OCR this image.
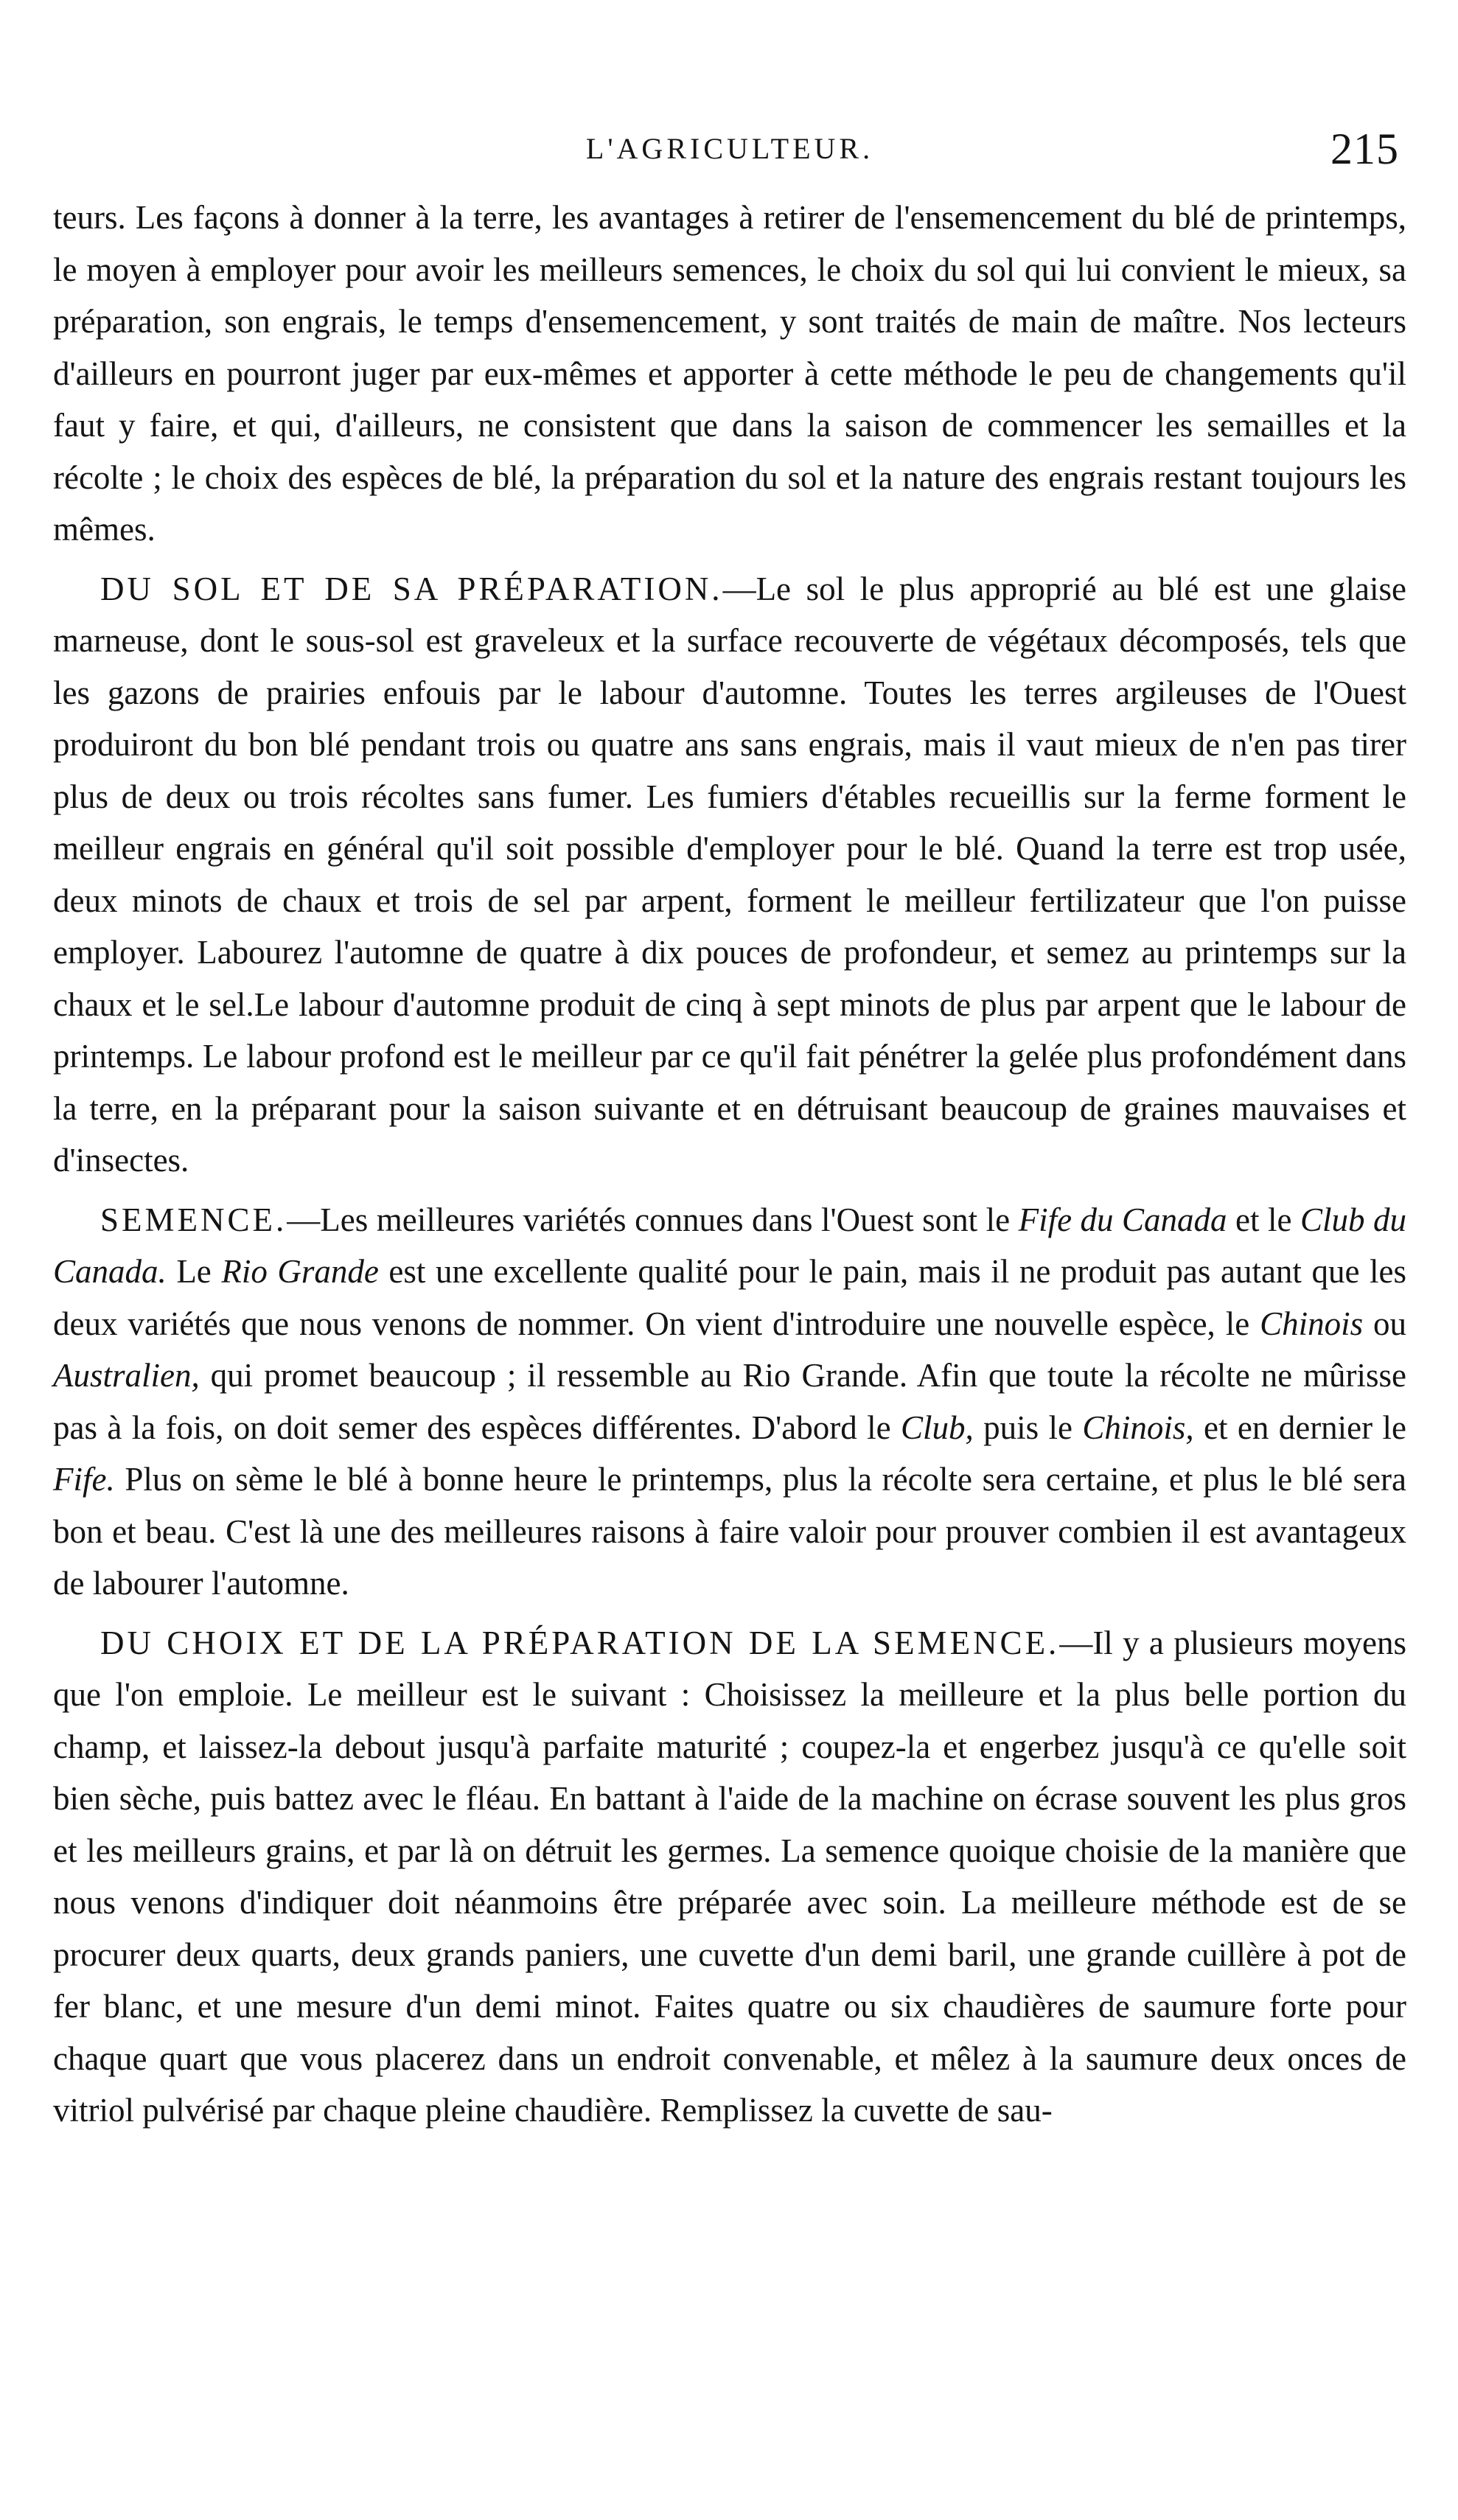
L'AGRICULTEUR.	215

teurs. Les façons à donner à la terre, les avantages à retirer de l'ensemencement du blé de printemps, le moyen à employer pour avoir les meilleurs semences, le choix du sol qui lui convient le mieux, sa préparation, son engrais, le temps d'ensemencement, y sont traités de main de maître. Nos lecteurs d'ailleurs en pourront juger par eux-mêmes et apporter à cette méthode le peu de changements qu'il faut y faire, et qui, d'ailleurs, ne consistent que dans la saison de commencer les semailles et la récolte ; le choix des espèces de blé, la préparation du sol et la nature des engrais restant toujours les mêmes.

DU SOL ET DE SA PRÉPARATION.—Le sol le plus approprié au blé est une glaise marneuse, dont le sous-sol est graveleux et la surface recouverte de végétaux décomposés, tels que les gazons de prairies enfouis par le labour d'automne. Toutes les terres argileuses de l'Ouest produiront du bon blé pendant trois ou quatre ans sans engrais, mais il vaut mieux de n'en pas tirer plus de deux ou trois récoltes sans fumer. Les fumiers d'étables recueillis sur la ferme forment le meilleur engrais en général qu'il soit possible d'employer pour le blé. Quand la terre est trop usée, deux minots de chaux et trois de sel par arpent, forment le meilleur fertilizateur que l'on puisse employer. Labourez l'automne de quatre à dix pouces de profondeur, et semez au printemps sur la chaux et le sel.Le labour d'automne produit de cinq à sept minots de plus par arpent que le labour de printemps. Le labour profond est le meilleur par ce qu'il fait pénétrer la gelée plus profondément dans la terre, en la préparant pour la saison suivante et en détruisant beaucoup de graines mauvaises et d'insectes.

SEMENCE.—Les meilleures variétés connues dans l'Ouest sont le Fife du Canada et le Club du Canada. Le Rio Grande est une excellente qualité pour le pain, mais il ne produit pas autant que les deux variétés que nous venons de nommer. On vient d'introduire une nouvelle espèce, le Chinois ou Australien, qui promet beaucoup ; il ressemble au Rio Grande. Afin que toute la récolte ne mûrisse pas à la fois, on doit semer des espèces différentes. D'abord le Club, puis le Chinois, et en dernier le Fife. Plus on sème le blé à bonne heure le printemps, plus la récolte sera certaine, et plus le blé sera bon et beau. C'est là une des meilleures raisons à faire valoir pour prouver combien il est avantageux de labourer l'automne.

DU CHOIX ET DE LA PRÉPARATION DE LA SEMENCE.—Il y a plusieurs moyens que l'on emploie. Le meilleur est le suivant : Choisissez la meilleure et la plus belle portion du champ, et laissez-la debout jusqu'à parfaite maturité ; coupez-la et engerbez jusqu'à ce qu'elle soit bien sèche, puis battez avec le fléau. En battant à l'aide de la machine on écrase souvent les plus gros et les meilleurs grains, et par là on détruit les germes. La semence quoique choisie de la manière que nous venons d'indiquer doit néanmoins être préparée avec soin. La meilleure méthode est de se procurer deux quarts, deux grands paniers, une cuvette d'un demi baril, une grande cuillère à pot de fer blanc, et une mesure d'un demi minot. Faites quatre ou six chaudières de saumure forte pour chaque quart que vous placerez dans un endroit convenable, et mêlez à la saumure deux onces de vitriol pulvérisé par chaque pleine chaudière. Remplissez la cuvette de sau-
